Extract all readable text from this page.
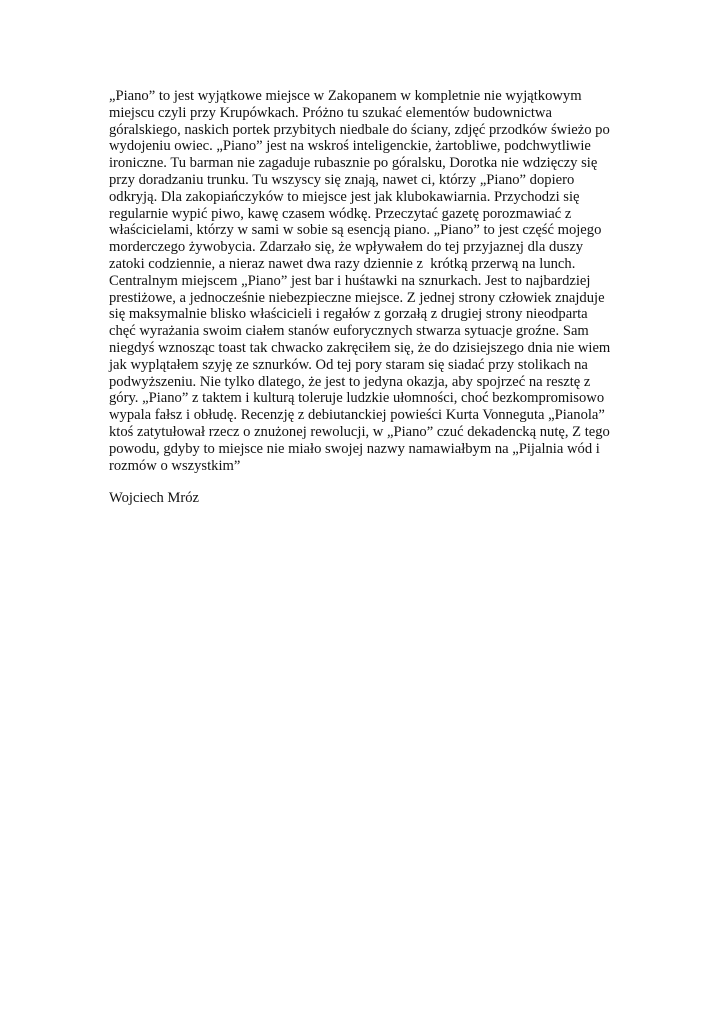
„Piano” to jest wyjątkowe miejsce w Zakopanem w kompletnie nie wyjątkowym
miejscu czyli przy Krupówkach. Próżno tu szukać elementów budownictwa
góralskiego, naskich portek przybitych niedbale do ściany, zdjęć przodków świeżo po
wydojeniu owiec. „Piano” jest na wskroś inteligenckie, żartobliwe, podchwytliwie
ironiczne. Tu barman nie zagaduje rubasznie po góralsku, Dorotka nie wdzięczy się
przy doradzaniu trunku. Tu wszyscy się znają, nawet ci, którzy „Piano” dopiero
odkryją. Dla zakopiańczyków to miejsce jest jak klubokawiarnia. Przychodzi się
regularnie wypić piwo, kawę czasem wódkę. Przeczytać gazetę porozmawiać z
właścicielami, którzy w sami w sobie są esencją piano. „Piano” to jest część mojego
morderczego żywobycia. Zdarzało się, że wpływałem do tej przyjaznej dla duszy
zatoki codziennie, a nieraz nawet dwa razy dziennie z  krótką przerwą na lunch.
Centralnym miejscem „Piano” jest bar i huśtawki na sznurkach. Jest to najbardziej
prestiżowe, a jednocześnie niebezpieczne miejsce. Z jednej strony człowiek znajduje
się maksymalnie blisko właścicieli i regałów z gorzałą z drugiej strony nieodparta
chęć wyrażania swoim ciałem stanów euforycznych stwarza sytuacje groźne. Sam
niegdyś wznosząc toast tak chwacko zakręciłem się, że do dzisiejszego dnia nie wiem
jak wyplątałem szyję ze sznurków. Od tej pory staram się siadać przy stolikach na
podwyższeniu. Nie tylko dlatego, że jest to jedyna okazja, aby spojrzeć na resztę z
góry. „Piano” z taktem i kulturą toleruje ludzkie ułomności, choć bezkompromisowo
wypala fałsz i obłudę. Recenzję z debiutanckiej powieści Kurta Vonneguta „Pianola”
ktoś zatytułował rzecz o znużonej rewolucji, w „Piano” czuć dekadencką nutę, Z tego
powodu, gdyby to miejsce nie miało swojej nazwy namawiałbym na „Pijalnia wód i
rozmów o wszystkim”
Wojciech Mróz
